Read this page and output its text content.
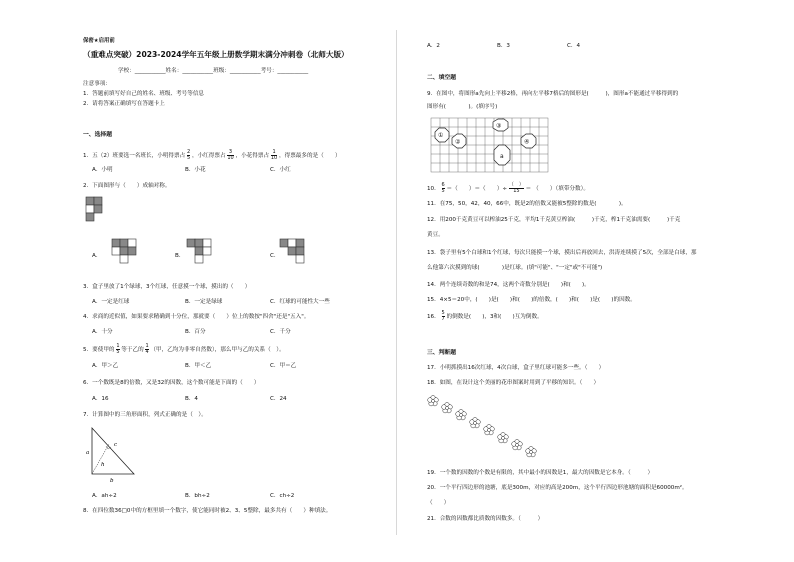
保密★启用前
（重难点突破）2023-2024学年五年级上册数学期末满分冲刺卷（北师大版）
学校：___________姓名：___________班级：___________考号：___________
注意事项：
1．答题前填写好自己的姓名、班级、考号等信息
2．请将答案正确填写在答题卡上
一、选择题
1．五（2）班要选一名班长，小明得票占 $\frac{2}{5}$ ，小红得票占 $\frac{3}{10}$ ，小花得票占 $\frac{1}{10}$ ，得票最多的是（　　）
A．小明	B．小花	C．小红
2．下面图形与（　　）成轴对称。
A．	B．	C．
3．盒子里放了1个绿球，3个红球，任意摸一个球，摸出的（　　）
A．一定是红球	B．一定是绿球	C．红球的可能性大一些
4．求商的近似值，如果要求精确到十分位，那就要（　　）位上的数按"四舍"还是"五入"。
A．十分	B．百分	C．千分
5．要使甲的 $\frac{1}{5}$ 等于乙的 $\frac{1}{4}$ （甲，乙均为非零自然数），那么甲与乙的关系（　）。
A．甲＞乙	B．甲＜乙	C．甲＝乙
6．一个数既是8的倍数，又是32的因数，这个数可能是下面的（　　）
A．16	B．4	C．24
7．计算图中的三角形面积，列式正确的是（　）。
a
c
h
b
A．ah÷2	B．bh÷2	C．ch÷2
8．在四位数36□0中的方框里填一个数字，使它能同时被2、3、5整除，最多共有（　　）种填法。
A．2	B．3	C．4
二、填空题
9．在图中，将图形a先向上平移2格，再向左平移7格后的图形是(　　　)，图形a不能通过平移得到的
图形有(　　　　)。(填序号)
①
②
③
④
a
10． $\frac{6}{5}$ ＝（　　）＝（　　）÷
（　）
15	＝ （　　）（填带分数）。
11．在75，50，42，40，66中，既是2的倍数又能被5整除的数是(　　　　)。
12．用200千克黄豆可以榨油25千克，平均1千克黄豆榨油(　　　)千克，榨1千克油需要(　　　)千克
黄豆。
13．袋子里有5个白球和1个红球，每次只能摸一个球，摸出后再放回去，洪涛连续摸了5次，全部是白球，那
么他第六次摸到的球(　　　　)是红球。(填"可能"、"一定"或"不可能")
14．两个连续奇数的和是74，这两个奇数分别是(　　)和(　　)。
15．4×5＝20中，(　　)是(　　)和(　　)的倍数，(　　)和(　　)是(　　)的因数。
16． $\frac{5}{7}$ 的倒数是(　　)，3和(　　)互为倒数。
三、判断题
17．小明抓摸出16次红球，4次白球，盒子里红球可能多一些。（　　）
18．如图，在设计这个美丽的花串图案时用到了平移的知识。（　　）
19．一个数的因数的个数是有限的，其中最小的因数是1，最大的因数是它本身。（　　　）
20．一个平行四边形的池塘，底是300m，对应的高是200m，这个平行四边形池塘的面积是60000m²。
（　　）
21．合数的因数都比质数的因数多。（　　　）
